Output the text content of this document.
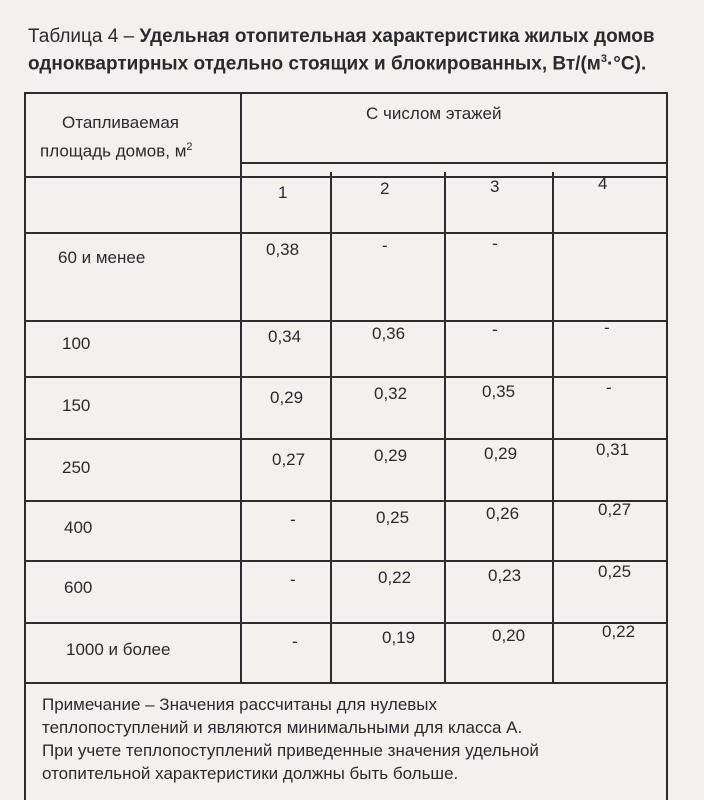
Таблица 4 – Удельная отопительная характеристика жилых домов
одноквартирных отдельно стоящих и блокированных, $Вт/(м^3\cdot^\circ С)$.
Отапливаемая
площадь домов, $м^2$
С числом этажей
1	2	3	4
60 и менее	0,38	-	-
100	0,34	0,36	-	-
150	0,29	0,32	0,35	-
250	0,27	0,29	0,29	0,31
400	-	0,25	0,26	0,27
600	-	0,22	0,23	0,25
1000 и более	-	0,19	0,20	0,22
Примечание – Значения рассчитаны для нулевых
теплопоступлений и являются минимальными для класса А.
При учете теплопоступлений приведенные значения удельной
отопительной характеристики должны быть больше.
